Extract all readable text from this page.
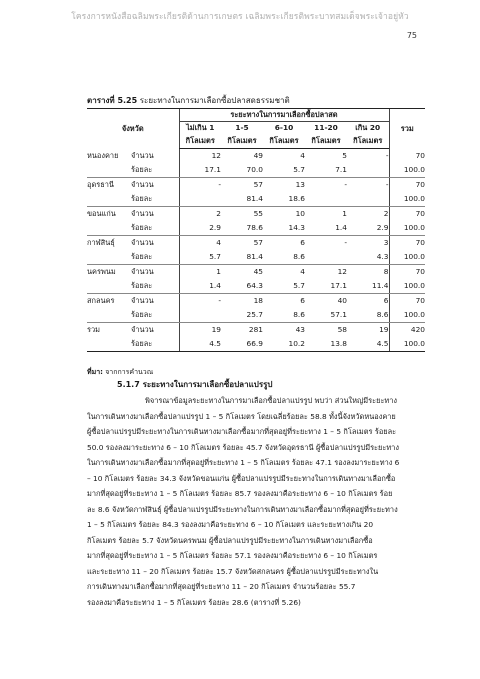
โครงการหนังสือฉลิมพระเกียรติด้านการเกษตร เฉลิมพระเกียรติพระบาทสมเด็จพระเจ้าอยู่หัว
75
ตารางที่ 5.25 ระยะทางในการมาเลือกซื้อปลาสดธรรมชาติ
จังหวัด		ระยะทางในการมาเลือกซื้อปลาสด					รวม
		ไม่เกิน 1	1-5	6-10	11-20	เกิน 20	
		กิโลเมตร	กิโลเมตร	กิโลเมตร	กิโลเมตร	กิโลเมตร	
หนองคาย	จำนวน	12	49	4	5	-	70
	ร้อยละ	17.1	70.0	5.7	7.1		100.0
อุดรธานี	จำนวน	-	57	13	-	-	70
	ร้อยละ		81.4	18.6			100.0
ขอนแก่น	จำนวน	2	55	10	1	2	70
	ร้อยละ	2.9	78.6	14.3	1.4	2.9	100.0
กาฬสินธุ์	จำนวน	4	57	6	-	3	70
	ร้อยละ	5.7	81.4	8.6		4.3	100.0
นครพนม	จำนวน	1	45	4	12	8	70
	ร้อยละ	1.4	64.3	5.7	17.1	11.4	100.0
สกลนคร	จำนวน	-	18	6	40	6	70
	ร้อยละ		25.7	8.6	57.1	8.6	100.0
รวม	จำนวน	19	281	43	58	19	420
	ร้อยละ	4.5	66.9	10.2	13.8	4.5	100.0
ที่มา: จากการคำนวณ
5.1.7 ระยะทางในการมาเลือกซื้อปลาแปรรูป
พิจารณาข้อมูลระยะทางในการมาเลือกซื้อปลาแปรรูป พบว่า ส่วนใหญ่มีระยะทาง
ในการเดินทางมาเลือกซื้อปลาแปรรูป 1 – 5 กิโลเมตร โดยเฉลี่ยร้อยละ 58.8 ทั้งนี้จังหวัดหนองคาย
ผู้ซื้อปลาแปรรูปมีระยะทางในการเดินทางมาเลือกซื้อมากที่สุดอยู่ที่ระยะทาง 1 – 5 กิโลเมตร ร้อยละ
50.0 รองลงมาระยะทาง 6 – 10 กิโลเมตร ร้อยละ 45.7 จังหวัดอุดรธานี ผู้ซื้อปลาแปรรูปมีระยะทาง
ในการเดินทางมาเลือกซื้อมากที่สุดอยู่ที่ระยะทาง 1 – 5 กิโลเมตร ร้อยละ 47.1 รองลงมาระยะทาง 6
– 10 กิโลเมตร ร้อยละ 34.3 จังหวัดขอนแก่น ผู้ซื้อปลาแปรรูปมีระยะทางในการเดินทางมาเลือกซื้อ
มากที่สุดอยู่ที่ระยะทาง 1 – 5 กิโลเมตร ร้อยละ 85.7 รองลงมาคือระยะทาง 6 – 10 กิโลเมตร ร้อย
ละ 8.6 จังหวัดกาฬสินธุ์ ผู้ซื้อปลาแปรรูปมีระยะทางในการเดินทางมาเลือกซื้อมากที่สุดอยู่ที่ระยะทาง
1 – 5 กิโลเมตร ร้อยละ 84.3 รองลงมาคือระยะทาง 6 – 10 กิโลเมตร และระยะทางเกิน 20
กิโลเมตร ร้อยละ 5.7 จังหวัดนครพนม ผู้ซื้อปลาแปรรูปมีระยะทางในการเดินทางมาเลือกซื้อ
มากที่สุดอยู่ที่ระยะทาง 1 – 5 กิโลเมตร ร้อยละ 57.1 รองลงมาคือระยะทาง 6 – 10 กิโลเมตร
และระยะทาง 11 – 20 กิโลเมตร ร้อยละ 15.7 จังหวัดสกลนคร ผู้ซื้อปลาแปรรูปมีระยะทางใน
การเดินทางมาเลือกซื้อมากที่สุดอยู่ที่ระยะทาง 11 – 20 กิโลเมตร จำนวนร้อยละ 55.7
รองลงมาคือระยะทาง 1 – 5 กิโลเมตร ร้อยละ 28.6 (ตารางที่ 5.26)
